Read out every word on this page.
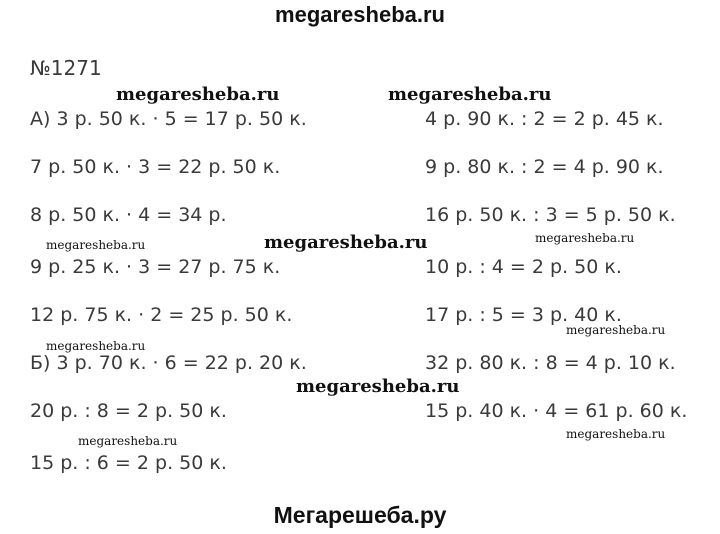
megaresheba.ru
№1271
А) 3 р. 50 к. · 5 = 17 р. 50 к.
7 р. 50 к. · 3 = 22 р. 50 к.
8 р. 50 к. · 4 = 34 р.
9 р. 25 к. · 3 = 27 р. 75 к.
12 р. 75 к. · 2 = 25 р. 50 к.
Б) 3 р. 70 к. · 6 = 22 р. 20 к.
20 р. : 8 = 2 р. 50 к.
15 р. : 6 = 2 р. 50 к.
4 р. 90 к. : 2 = 2 р. 45 к.
9 р. 80 к. : 2 = 4 р. 90 к.
16 р. 50 к. : 3 = 5 р. 50 к.
10 р. : 4 = 2 р. 50 к.
17 р. : 5 = 3 р. 40 к.
32 р. 80 к. : 8 = 4 р. 10 к.
15 р. 40 к. · 4 = 61 р. 60 к.
megaresheba.ru	megaresheba.ru
megaresheba.ru
megaresheba.ru
megaresheba.ru	megaresheba.ru
megaresheba.ru
megaresheba.ru
megaresheba.ru	megaresheba.ru
Мегарешеба.ру
